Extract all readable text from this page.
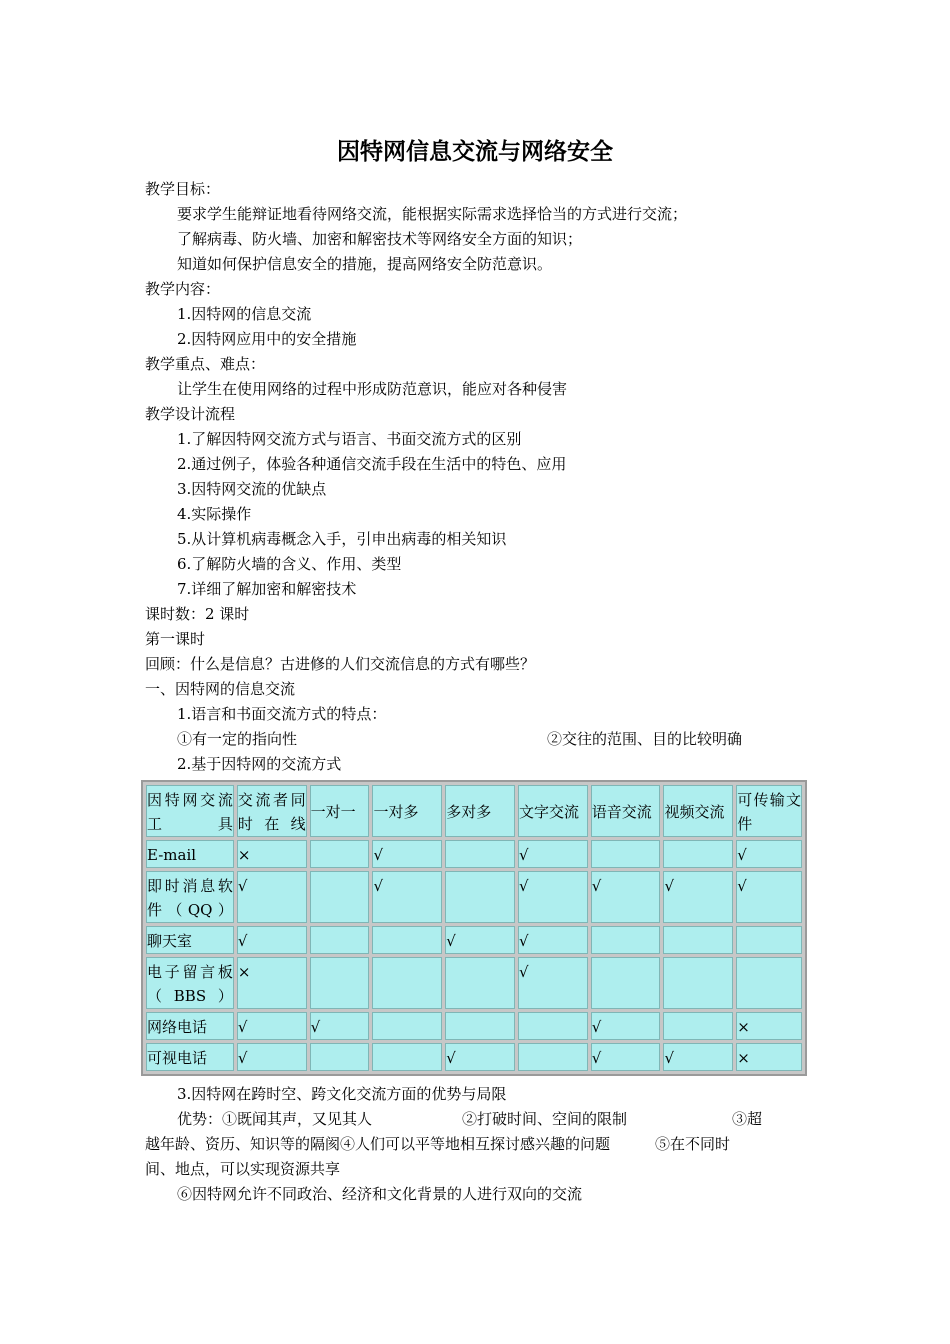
因特网信息交流与网络安全
教学目标：
要求学生能辩证地看待网络交流，能根据实际需求选择恰当的方式进行交流；
了解病毒、防火墙、加密和解密技术等网络安全方面的知识；
知道如何保护信息安全的措施，提高网络安全防范意识。
教学内容：
1.因特网的信息交流
2.因特网应用中的安全措施
教学重点、难点：
让学生在使用网络的过程中形成防范意识，能应对各种侵害
教学设计流程
1.了解因特网交流方式与语言、书面交流方式的区别
2.通过例子，体验各种通信交流手段在生活中的特色、应用
3.因特网交流的优缺点
4.实际操作
5.从计算机病毒概念入手，引申出病毒的相关知识
6.了解防火墙的含义、作用、类型
7.详细了解加密和解密技术
课时数：2 课时
第一课时
回顾：什么是信息？古进修的人们交流信息的方式有哪些？
一、因特网的信息交流
1.语言和书面交流方式的特点：
①有一定的指向性	②交往的范围、目的比较明确
2.基于因特网的交流方式
因特网交流工具	交流者同时在线	一对一	一对多	多对多	文字交流	语音交流	视频交流	可传输文件
E-mail	×		√		√			√
即时消息软件（QQ）	√		√		√	√	√	√
聊天室	√			√	√			
电子留言板（BBS）	×				√			
网络电话	√	√				√		×
可视电话	√			√		√	√	×
3.因特网在跨时空、跨文化交流方面的优势与局限
优势：①既闻其声，又见其人　　　　　　②打破时间、空间的限制　　　　　　　③超
越年龄、资历、知识等的隔阂④人们可以平等地相互探讨感兴趣的问题　　　⑤在不同时
间、地点，可以实现资源共享
⑥因特网允许不同政治、经济和文化背景的人进行双向的交流
